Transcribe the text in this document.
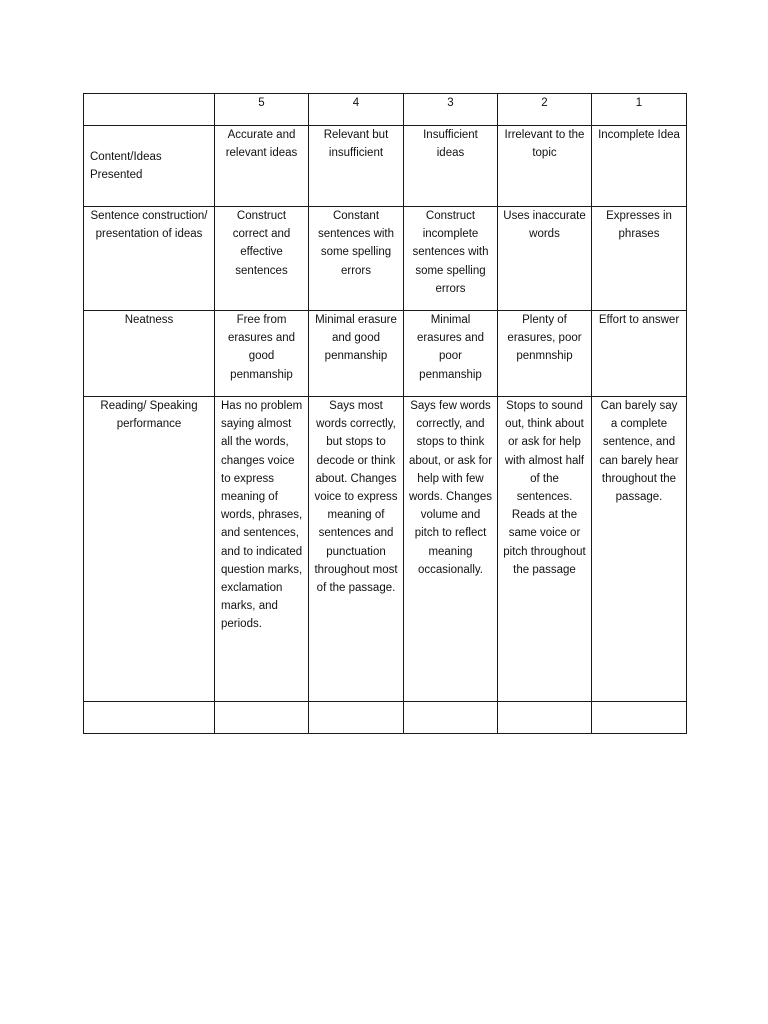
	5	4	3	2	1

Content/Ideas Presented	Accurate and relevant ideas	Relevant but insufficient	Insufficient ideas	Irrelevant to the topic	Incomplete Idea

Sentence construction/presentation of ideas	Construct correct and effective sentences	Constant sentences with some spelling errors	Construct incomplete sentences with some spelling errors	Uses inaccurate words	Expresses in phrases

Neatness	Free from erasures and good penmanship	Minimal erasure and good penmanship	Minimal erasures and poor penmanship	Plenty of erasures, poor penmnship	Effort to answer

Reading/ Speaking performance	Has no problem saying almost all the words, changes voice to express meaning of words, phrases, and sentences, and to indicated question marks, exclamation marks, and periods.	Says most words correctly, but stops to decode or think about. Changes voice to express meaning of sentences and punctuation throughout most of the passage.	Says few words correctly, and stops to think about, or ask for help with few words. Changes volume and pitch to reflect meaning occasionally.	Stops to sound out, think about or ask for help with almost half of the sentences. Reads at the same voice or pitch throughout the passage	Can barely say a complete sentence, and can barely hear throughout the passage.
